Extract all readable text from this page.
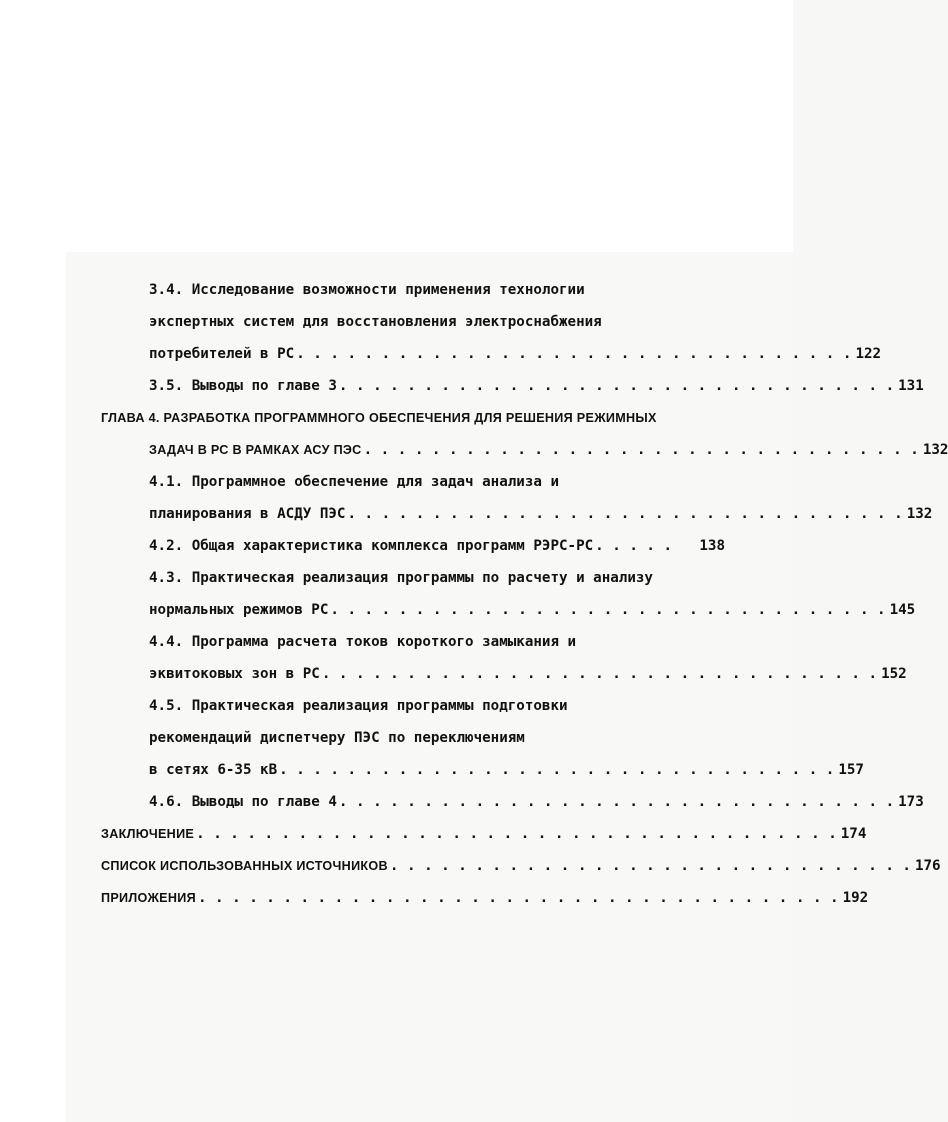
3.4. Исследование возможности применения технологии
экспертных систем для восстановления электроснабжения
потребителей в РС . . . . . . . . . . . . . . . . . . . . . . . . . . . . . . . . . 122
3.5. Выводы по главе 3 . . . . . . . . . . . . . . . . . . . . . . . . . . . . . . . . . 131
ГЛАВА 4. РАЗРАБОТКА ПРОГРАММНОГО ОБЕСПЕЧЕНИЯ ДЛЯ РЕШЕНИЯ РЕЖИМНЫХ
ЗАДАЧ В РС В РАМКАХ АСУ ПЭС . . . . . . . . . . . . . . . . . . . . . . . . . . . . . . . . . 132
4.1. Программное обеспечение для задач анализа и
планирования в АСДУ ПЭС . . . . . . . . . . . . . . . . . . . . . . . . . . . . . . . . . 132
4.2. Общая характеристика комплекса программ РЭРС-РС . . . . .	138
4.3. Практическая реализация программы по расчету и анализу
нормальных режимов РС . . . . . . . . . . . . . . . . . . . . . . . . . . . . . . . . . 145
4.4. Программа расчета токов короткого замыкания и
эквитоковых зон в РС . . . . . . . . . . . . . . . . . . . . . . . . . . . . . . . . . 152
4.5. Практическая реализация программы подготовки
рекомендаций диспетчеру ПЭС по переключениям
в сетях 6-35 кВ . . . . . . . . . . . . . . . . . . . . . . . . . . . . . . . . . 157
4.6. Выводы по главе 4 . . . . . . . . . . . . . . . . . . . . . . . . . . . . . . . . . 173
ЗАКЛЮЧЕНИЕ . . . . . . . . . . . . . . . . . . . . . . . . . . . . . . . . . . . . . . 174
СПИСОК ИСПОЛЬЗОВАННЫХ ИСТОЧНИКОВ . . . . . . . . . . . . . . . . . . . . . . . . . . . . . . . 176
ПРИЛОЖЕНИЯ . . . . . . . . . . . . . . . . . . . . . . . . . . . . . . . . . . . . . . 192
